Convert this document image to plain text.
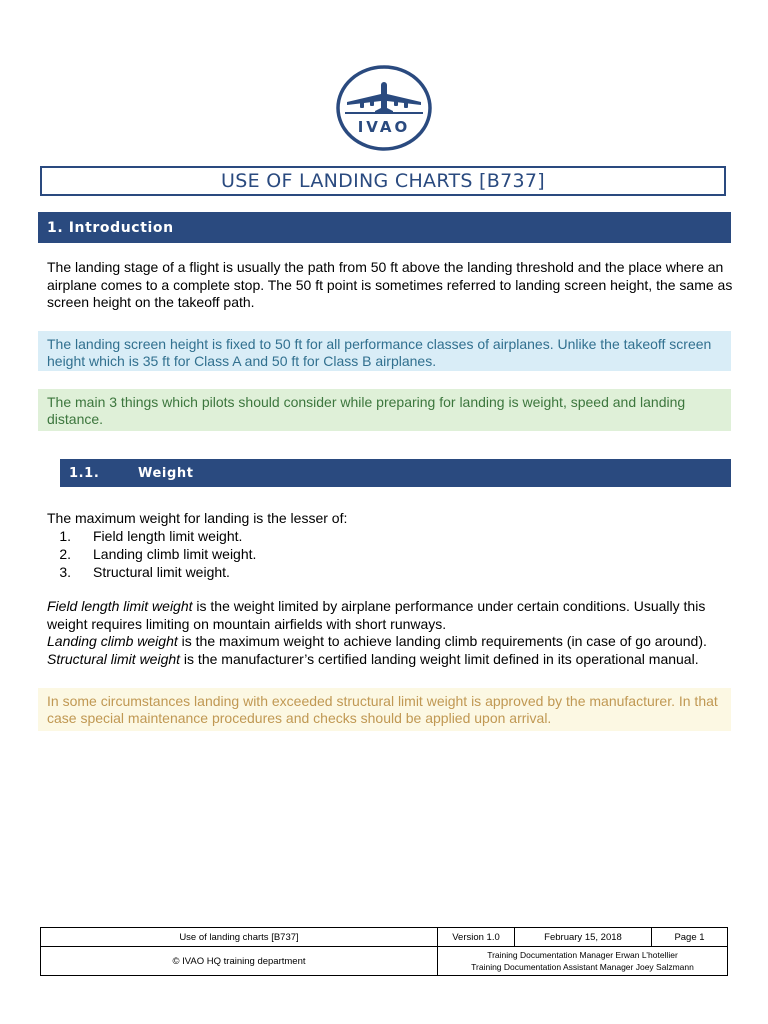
IVAO
USE OF LANDING CHARTS [B737]
1. Introduction

The landing stage of a flight is usually the path from 50 ft above the landing threshold and the place where an airplane comes to a complete stop. The 50 ft point is sometimes referred to landing screen height, the same as screen height on the takeoff path.

The landing screen height is fixed to 50 ft for all performance classes of airplanes. Unlike the takeoff screen height which is 35 ft for Class A and 50 ft for Class B airplanes.
The main 3 things which pilots should consider while preparing for landing is weight, speed and landing distance.
1.1.	Weight

The maximum weight for landing is the lesser of:

1.	Field length limit weight.
2.	Landing climb limit weight.
3.	Structural limit weight.

Field length limit weight is the weight limited by airplane performance under certain conditions. Usually this weight requires limiting on mountain airfields with short runways.
Landing climb weight is the maximum weight to achieve landing climb requirements (in case of go around).
Structural limit weight is the manufacturer’s certified landing weight limit defined in its operational manual.

In some circumstances landing with exceeded structural limit weight is approved by the manufacturer. In that case special maintenance procedures and checks should be applied upon arrival.
Use of landing charts [B737]	Version 1.0	February 15, 2018	Page 1
© IVAO HQ training department	Training Documentation Manager Erwan L’hotellier
Training Documentation Assistant Manager Joey Salzmann		
